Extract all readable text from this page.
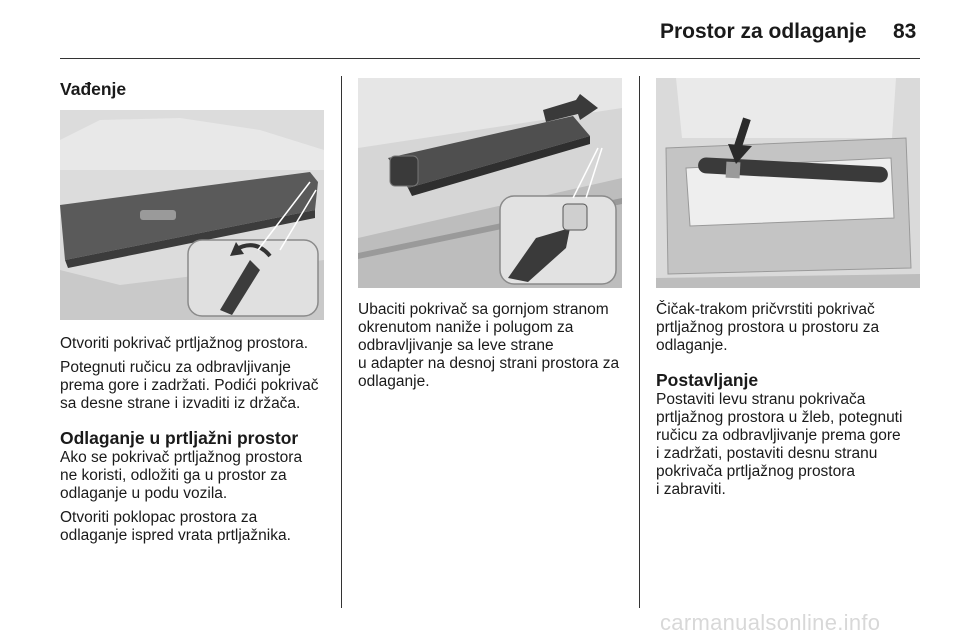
Prostor za odlaganje 83
Vađenje

Otvoriti pokrivač prtljažnog prostora.

Potegnuti ručicu za odbravljivanje
prema gore i zadržati. Podići pokrivač
sa desne strane i izvaditi iz držača.

Odlaganje u prtljažni prostor

Ako se pokrivač prtljažnog prostora
ne koristi, odložiti ga u prostor za
odlaganje u podu vozila.

Otvoriti poklopac prostora za
odlaganje ispred vrata prtljažnika.

Ubaciti pokrivač sa gornjom stranom
okrenutom naniže i polugom za
odbravljivanje sa leve strane
u adapter na desnoj strani prostora za
odlaganje.

Čičak-trakom pričvrstiti pokrivač
prtljažnog prostora u prostoru za
odlaganje.

Postavljanje

Postaviti levu stranu pokrivača
prtljažnog prostora u žleb, potegnuti
ručicu za odbravljivanje prema gore
i zadržati, postaviti desnu stranu
pokrivača prtljažnog prostora
i zabraviti.

carmanualsonline.info
